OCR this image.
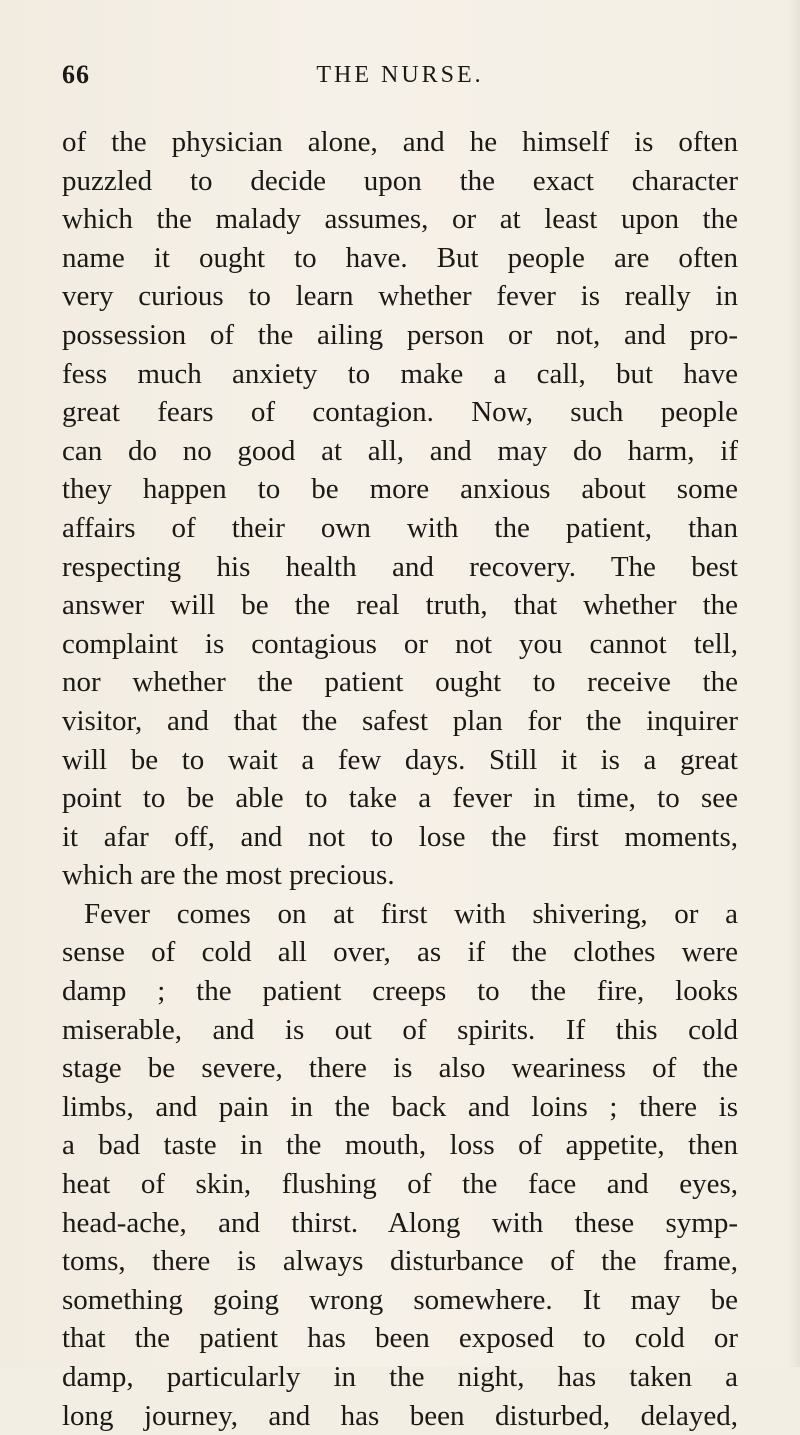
66	THE NURSE.
of the physician alone, and he himself is often
puzzled to decide upon the exact character
which the malady assumes, or at least upon the
name it ought to have. But people are often
very curious to learn whether fever is really in
possession of the ailing person or not, and pro-
fess much anxiety to make a call, but have
great fears of contagion. Now, such people
can do no good at all, and may do harm, if
they happen to be more anxious about some
affairs of their own with the patient, than
respecting his health and recovery. The best
answer will be the real truth, that whether the
complaint is contagious or not you cannot tell,
nor whether the patient ought to receive the
visitor, and that the safest plan for the inquirer
will be to wait a few days. Still it is a great
point to be able to take a fever in time, to see
it afar off, and not to lose the first moments,
which are the most precious.
Fever comes on at first with shivering, or a
sense of cold all over, as if the clothes were
damp ; the patient creeps to the fire, looks
miserable, and is out of spirits. If this cold
stage be severe, there is also weariness of the
limbs, and pain in the back and loins ; there is
a bad taste in the mouth, loss of appetite, then
heat of skin, flushing of the face and eyes,
head-ache, and thirst. Along with these symp-
toms, there is always disturbance of the frame,
something going wrong somewhere. It may be
that the patient has been exposed to cold or
damp, particularly in the night, has taken a
long journey, and has been disturbed, delayed,
